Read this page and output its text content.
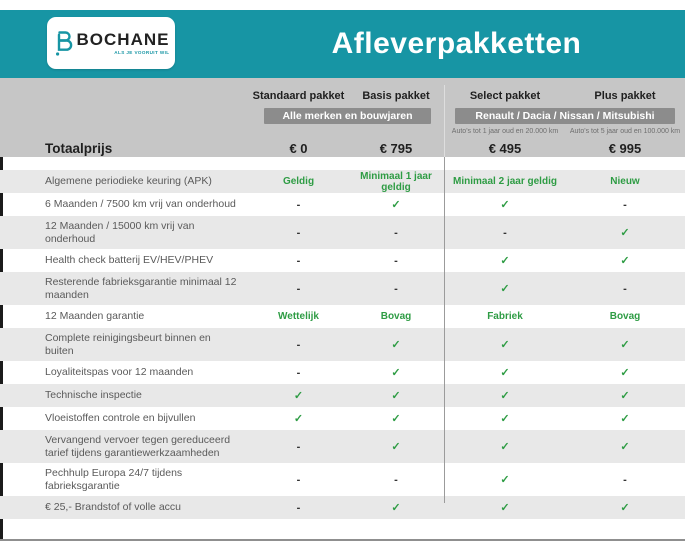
BOCHANE
ALS JE VOORUIT WIL	Afleverpakketten
Standaard pakket	Basis pakket	Select pakket	Plus pakket
Alle merken en bouwjaren	Renault / Dacia / Nissan / Mitsubishi
Auto's tot 1 jaar oud en 20.000 km	Auto's tot 5 jaar oud en 100.000 km
Totaalprijs	€ 0	€ 795	€ 495	€ 995
Algemene periodieke keuring (APK)	Geldig	Minimaal 1 jaar geldig	Minimaal 2 jaar geldig	Nieuw
6 Maanden / 7500 km vrij van onderhoud	-	✓	✓	-
12 Maanden / 15000 km vrij van onderhoud	-	-	-	✓
Health check batterij EV/HEV/PHEV	-	-	✓	✓
Resterende fabrieksgarantie minimaal 12 maanden	-	-	✓	-
12 Maanden garantie	Wettelijk	Bovag	Fabriek	Bovag
Complete reinigingsbeurt binnen en buiten	-	✓	✓	✓
Loyaliteitspas voor 12 maanden	-	✓	✓	✓
Technische inspectie	✓	✓	✓	✓
Vloeistoffen controle en bijvullen	✓	✓	✓	✓
Vervangend vervoer tegen gereduceerd tarief tijdens garantiewerkzaamheden	-	✓	✓	✓
Pechhulp Europa 24/7 tijdens fabrieksgarantie	-	-	✓	-
€ 25,- Brandstof of volle accu	-	✓	✓	✓
